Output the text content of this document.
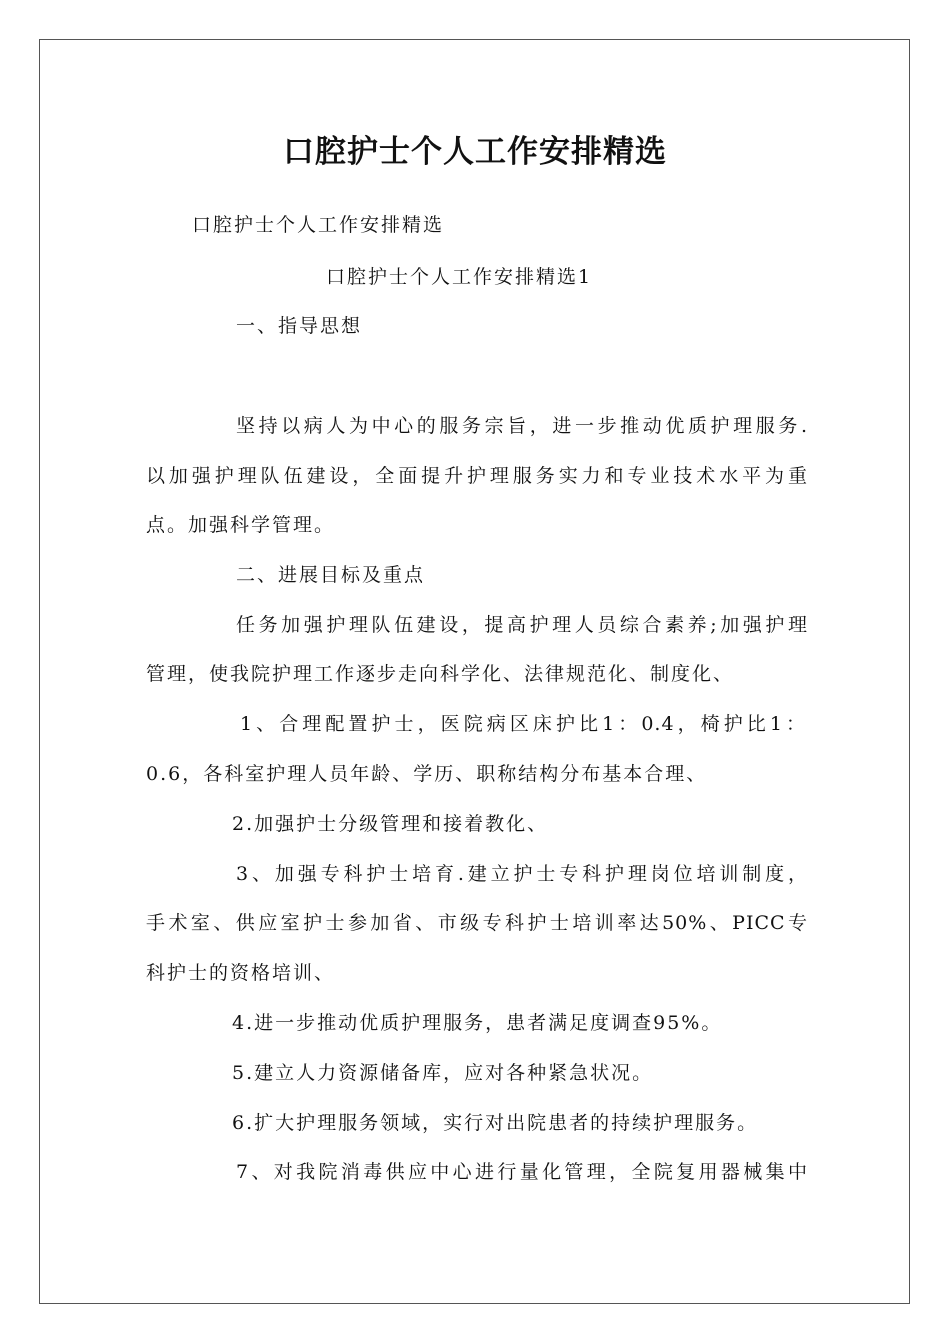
口腔护士个人工作安排精选
口腔护士个人工作安排精选
口腔护士个人工作安排精选1
一、指导思想
坚持以病人为中心的服务宗旨，进一步推动优质护理服务.
以加强护理队伍建设，全面提升护理服务实力和专业技术水平为重
点。加强科学管理。
二、进展目标及重点
任务加强护理队伍建设，提高护理人员综合素养;加强护理
管理，使我院护理工作逐步走向科学化、法律规范化、制度化、
1、合理配置护士，医院病区床护比1：0.4，椅护比1：
0.6，各科室护理人员年龄、学历、职称结构分布基本合理、
2.加强护士分级管理和接着教化、
3、加强专科护士培育.建立护士专科护理岗位培训制度，
手术室、供应室护士参加省、市级专科护士培训率达50%、PICC专
科护士的资格培训、
4.进一步推动优质护理服务，患者满足度调查95%。
5.建立人力资源储备库，应对各种紧急状况。
6.扩大护理服务领域，实行对出院患者的持续护理服务。
7、对我院消毒供应中心进行量化管理，全院复用器械集中
